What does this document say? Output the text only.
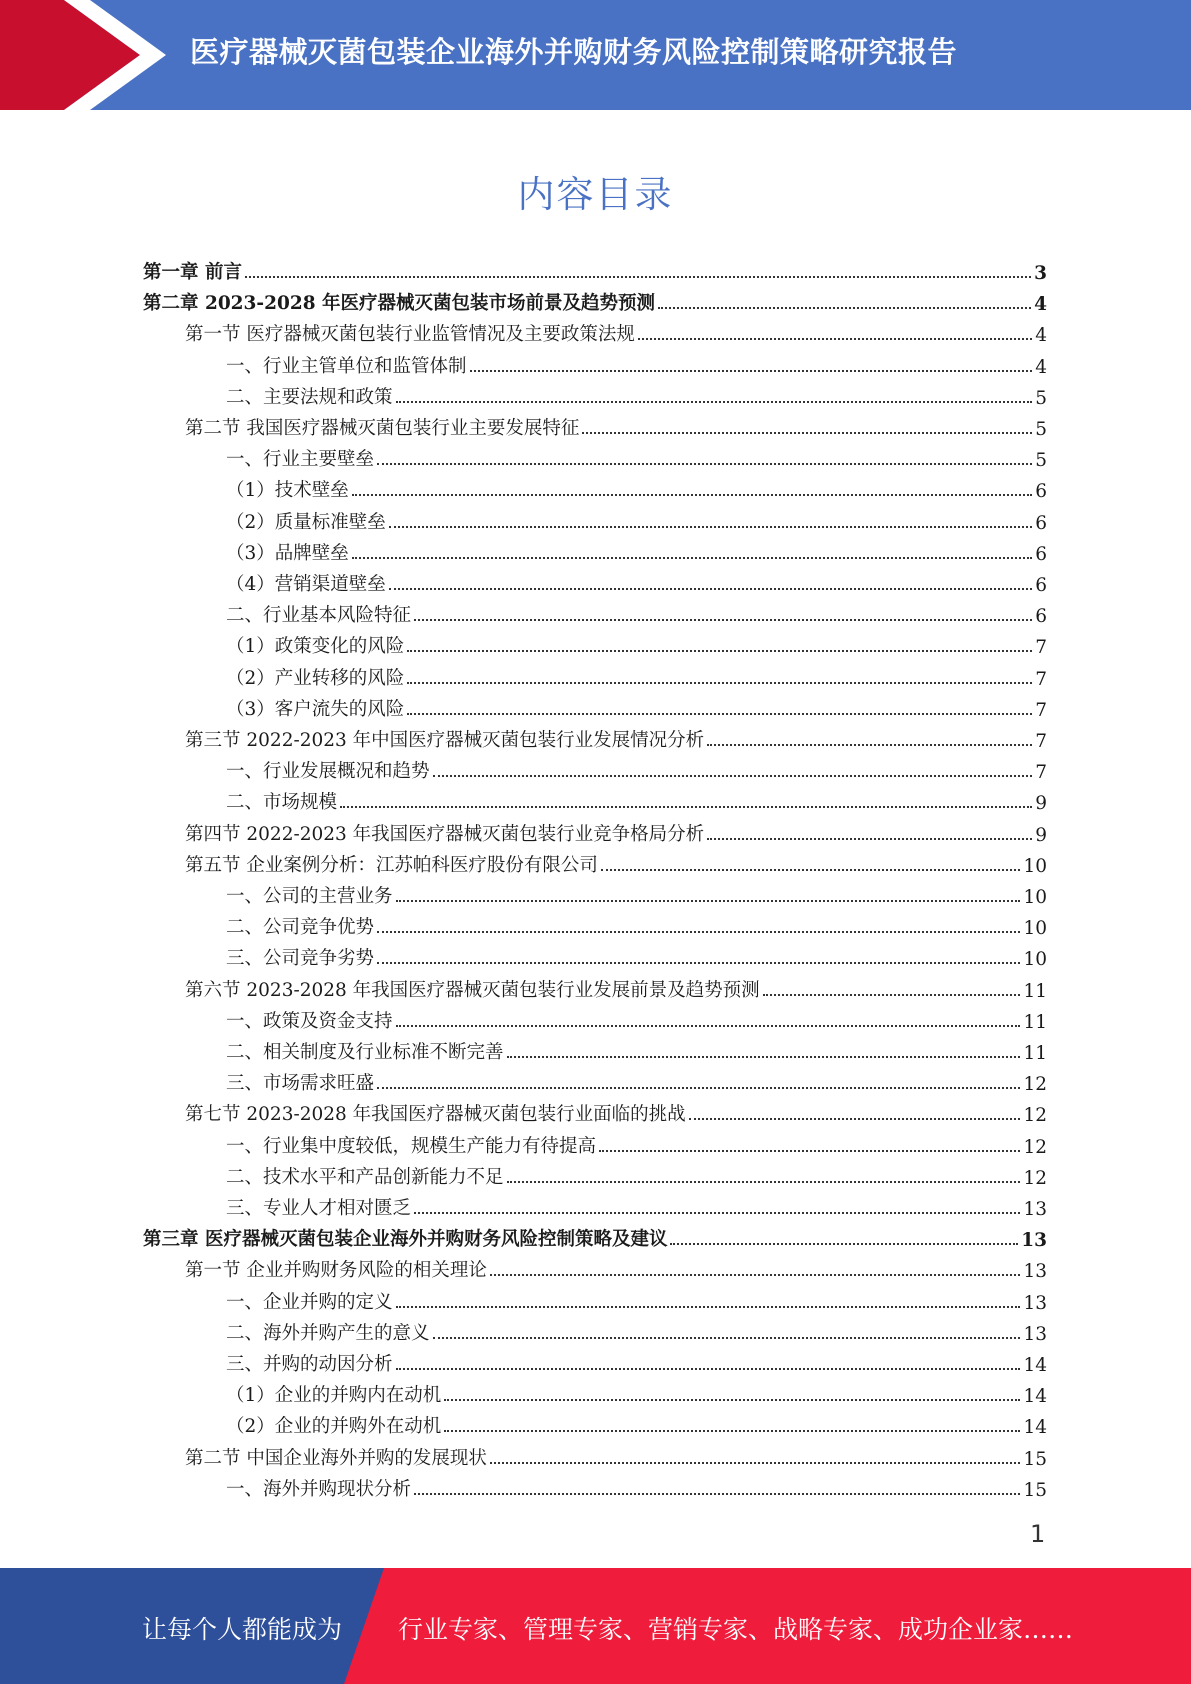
医疗器械灭菌包装企业海外并购财务风险控制策略研究报告
内容目录
第一章 前言	3
第二章 2023-2028 年医疗器械灭菌包装市场前景及趋势预测	4
第一节 医疗器械灭菌包装行业监管情况及主要政策法规	4
一、行业主管单位和监管体制	4
二、主要法规和政策	5
第二节 我国医疗器械灭菌包装行业主要发展特征	5
一、行业主要壁垒	5
（1）技术壁垒	6
（2）质量标准壁垒	6
（3）品牌壁垒	6
（4）营销渠道壁垒	6
二、行业基本风险特征	6
（1）政策变化的风险	7
（2）产业转移的风险	7
（3）客户流失的风险	7
第三节 2022-2023 年中国医疗器械灭菌包装行业发展情况分析	7
一、行业发展概况和趋势	7
二、市场规模	9
第四节 2022-2023 年我国医疗器械灭菌包装行业竞争格局分析	9
第五节 企业案例分析：江苏帕科医疗股份有限公司	10
一、公司的主营业务	10
二、公司竞争优势	10
三、公司竞争劣势	10
第六节 2023-2028 年我国医疗器械灭菌包装行业发展前景及趋势预测	11
一、政策及资金支持	11
二、相关制度及行业标准不断完善	11
三、市场需求旺盛	12
第七节 2023-2028 年我国医疗器械灭菌包装行业面临的挑战	12
一、行业集中度较低，规模生产能力有待提高	12
二、技术水平和产品创新能力不足	12
三、专业人才相对匮乏	13
第三章 医疗器械灭菌包装企业海外并购财务风险控制策略及建议	13
第一节 企业并购财务风险的相关理论	13
一、企业并购的定义	13
二、海外并购产生的意义	13
三、并购的动因分析	14
（1）企业的并购内在动机	14
（2）企业的并购外在动机	14
第二节 中国企业海外并购的发展现状	15
一、海外并购现状分析	15
1
让每个人都能成为 行业专家、管理专家、营销专家、战略专家、成功企业家……
